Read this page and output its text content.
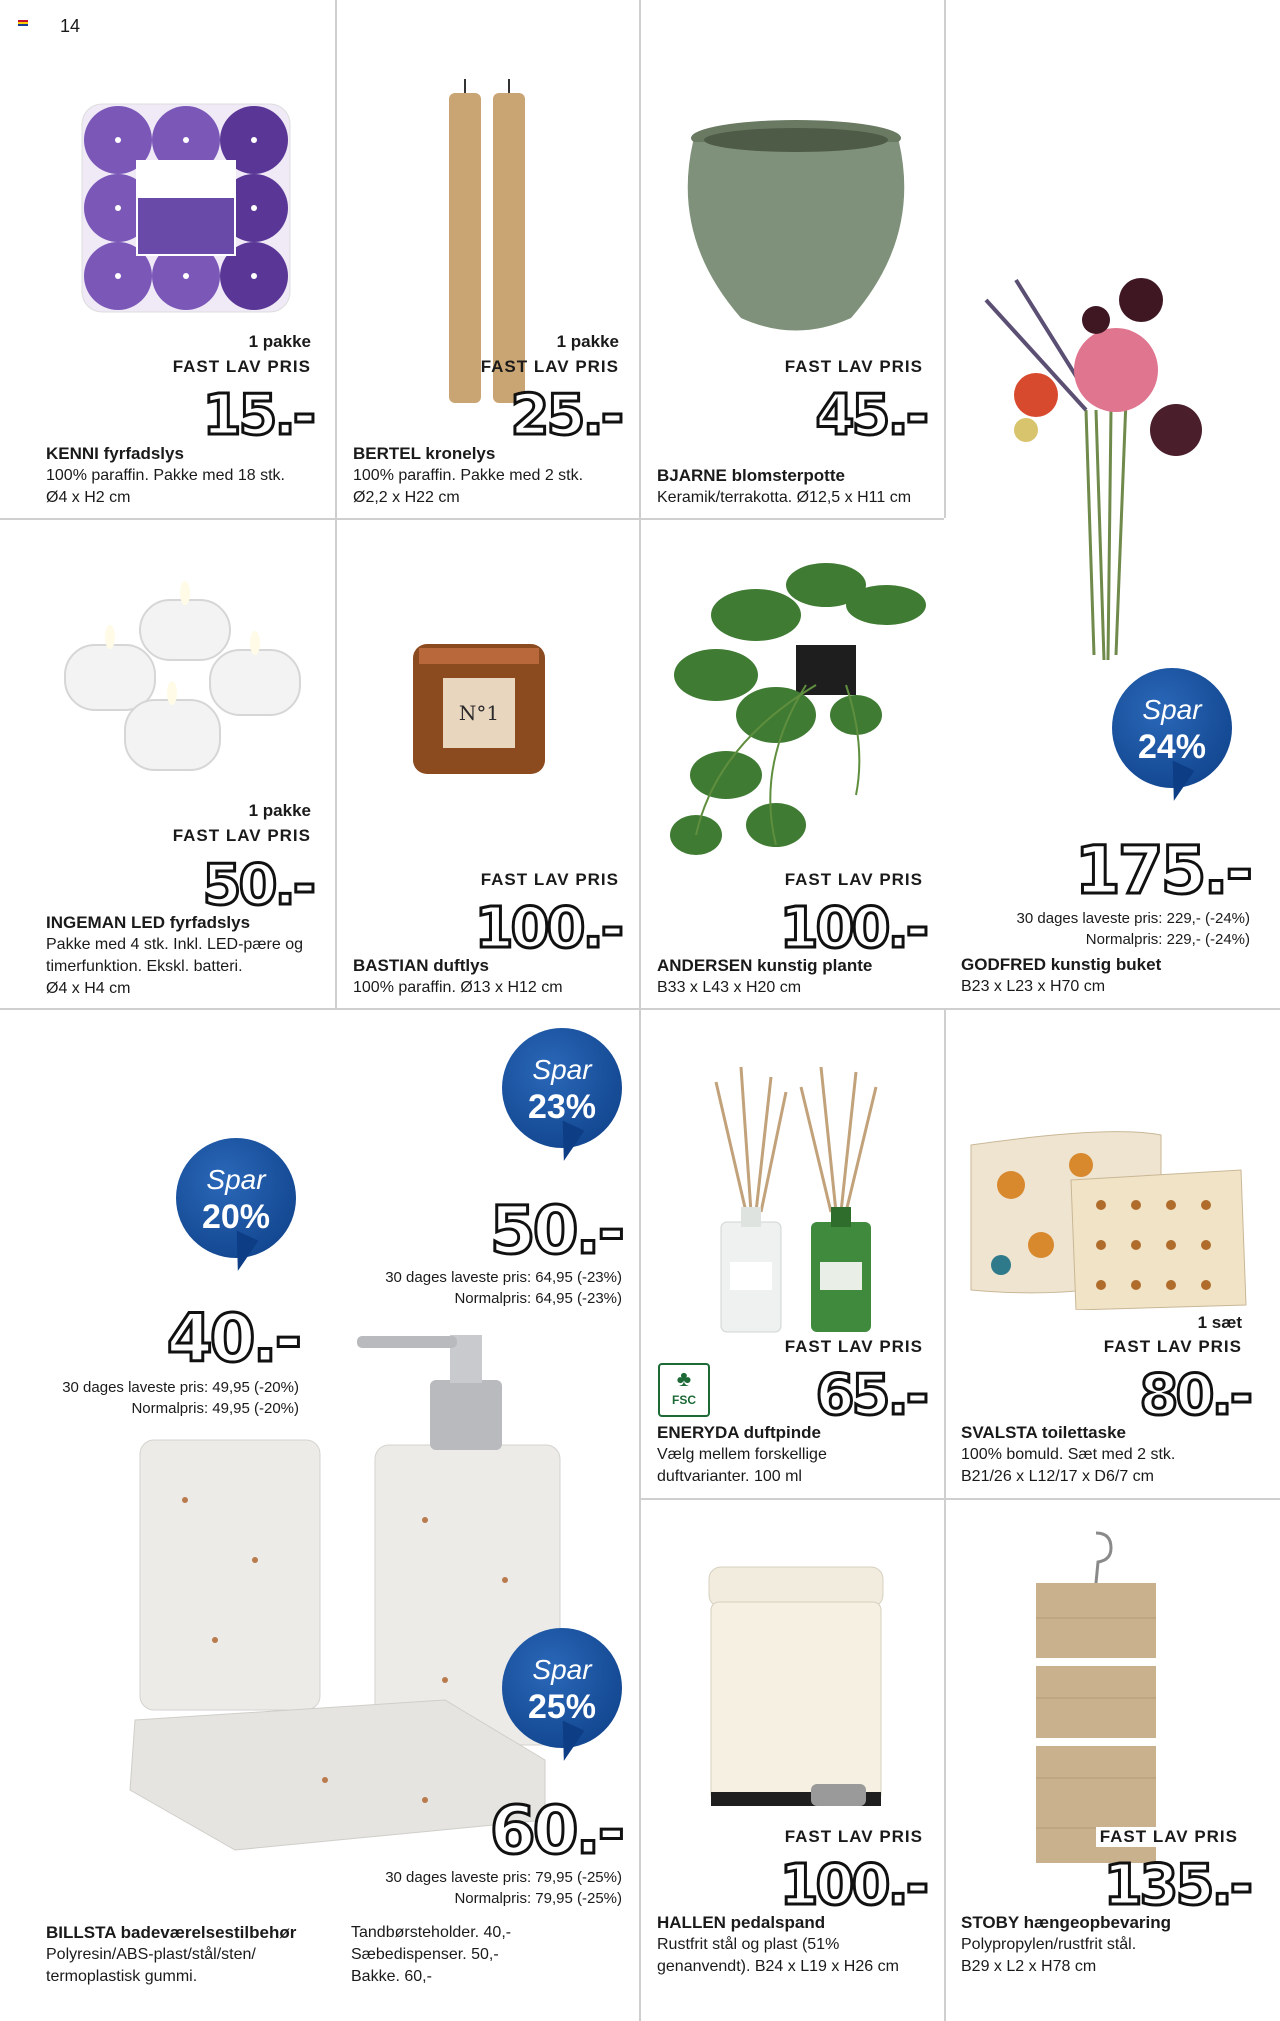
14
1 pakke
FAST LAV PRIS
15.-
KENNI fyrfadslys
100% paraffin. Pakke med 18 stk.
Ø4 x H2 cm
1 pakke
FAST LAV PRIS
25.-
BERTEL kronelys
100% paraffin. Pakke med 2 stk.
Ø2,2 x H22 cm
FAST LAV PRIS
45.-
BJARNE blomsterpotte
Keramik/terrakotta. Ø12,5 x H11 cm
Spar
24%
175.-
30 dages laveste pris: 229,- (-24%)
Normalpris: 229,- (-24%)
GODFRED kunstig buket
B23 x L23 x H70 cm
1 pakke
FAST LAV PRIS
50.-
INGEMAN LED fyrfadslys
Pakke med 4 stk. Inkl. LED-pære og
timerfunktion. Ekskl. batteri.
Ø4 x H4 cm
N°1
FAST LAV PRIS
100.-
BASTIAN duftlys
100% paraffin. Ø13 x H12 cm
FAST LAV PRIS
100.-
ANDERSEN kunstig plante
B33 x L43 x H20 cm
Spar
20%
40.-
30 dages laveste pris: 49,95 (-20%)
Normalpris: 49,95 (-20%)
Spar
23%
50.-
30 dages laveste pris: 64,95 (-23%)
Normalpris: 64,95 (-23%)
Spar
25%
60.-
30 dages laveste pris: 79,95 (-25%)
Normalpris: 79,95 (-25%)
BILLSTA badeværelsestilbehør
Polyresin/ABS-plast/stål/sten/
termoplastisk gummi.
Tandbørsteholder. 40,-
Sæbedispenser. 50,-
Bakke. 60,-
♣
FSC
FAST LAV PRIS
65.-
ENERYDA duftpinde
Vælg mellem forskellige
duftvarianter. 100 ml
1 sæt
FAST LAV PRIS
80.-
SVALSTA toilettaske
100% bomuld. Sæt med 2 stk.
B21/26 x L12/17 x D6/7 cm
FAST LAV PRIS
100.-
HALLEN pedalspand
Rustfrit stål og plast (51%
genanvendt). B24 x L19 x H26 cm
FAST LAV PRIS
135.-
STOBY hængeopbevaring
Polypropylen/rustfrit stål.
B29 x L2 x H78 cm
